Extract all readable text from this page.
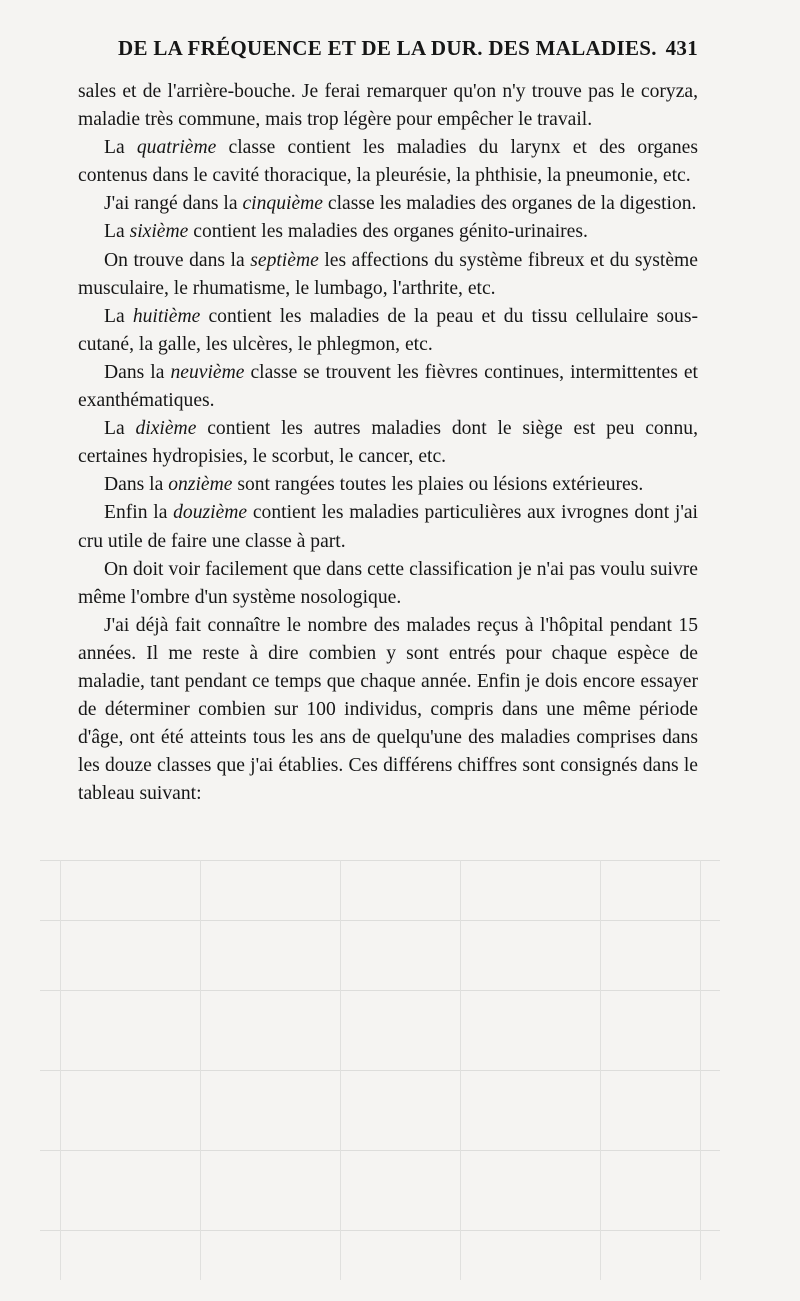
DE LA FRÉQUENCE ET DE LA DUR. DES MALADIES. 431

sales et de l'arrière-bouche. Je ferai remarquer qu'on n'y trouve pas le coryza, maladie très commune, mais trop légère pour empêcher le travail.

La quatrième classe contient les maladies du larynx et des organes contenus dans le cavité thoracique, la pleurésie, la phthisie, la pneumonie, etc.

J'ai rangé dans la cinquième classe les maladies des organes de la digestion.

La sixième contient les maladies des organes génito-urinaires.

On trouve dans la septième les affections du système fibreux et du système musculaire, le rhumatisme, le lumbago, l'arthrite, etc.

La huitième contient les maladies de la peau et du tissu cellulaire sous-cutané, la galle, les ulcères, le phlegmon, etc.

Dans la neuvième classe se trouvent les fièvres continues, intermittentes et exanthématiques.

La dixième contient les autres maladies dont le siège est peu connu, certaines hydropisies, le scorbut, le cancer, etc.

Dans la onzième sont rangées toutes les plaies ou lésions extérieures.

Enfin la douzième contient les maladies particulières aux ivrognes dont j'ai cru utile de faire une classe à part.

On doit voir facilement que dans cette classification je n'ai pas voulu suivre même l'ombre d'un système nosologique.

J'ai déjà fait connaître le nombre des malades reçus à l'hôpital pendant 15 années. Il me reste à dire combien y sont entrés pour chaque espèce de maladie, tant pendant ce temps que chaque année. Enfin je dois encore essayer de déterminer combien sur 100 individus, compris dans une même période d'âge, ont été atteints tous les ans de quelqu'une des maladies comprises dans les douze classes que j'ai établies. Ces différens chiffres sont consignés dans le tableau suivant:
